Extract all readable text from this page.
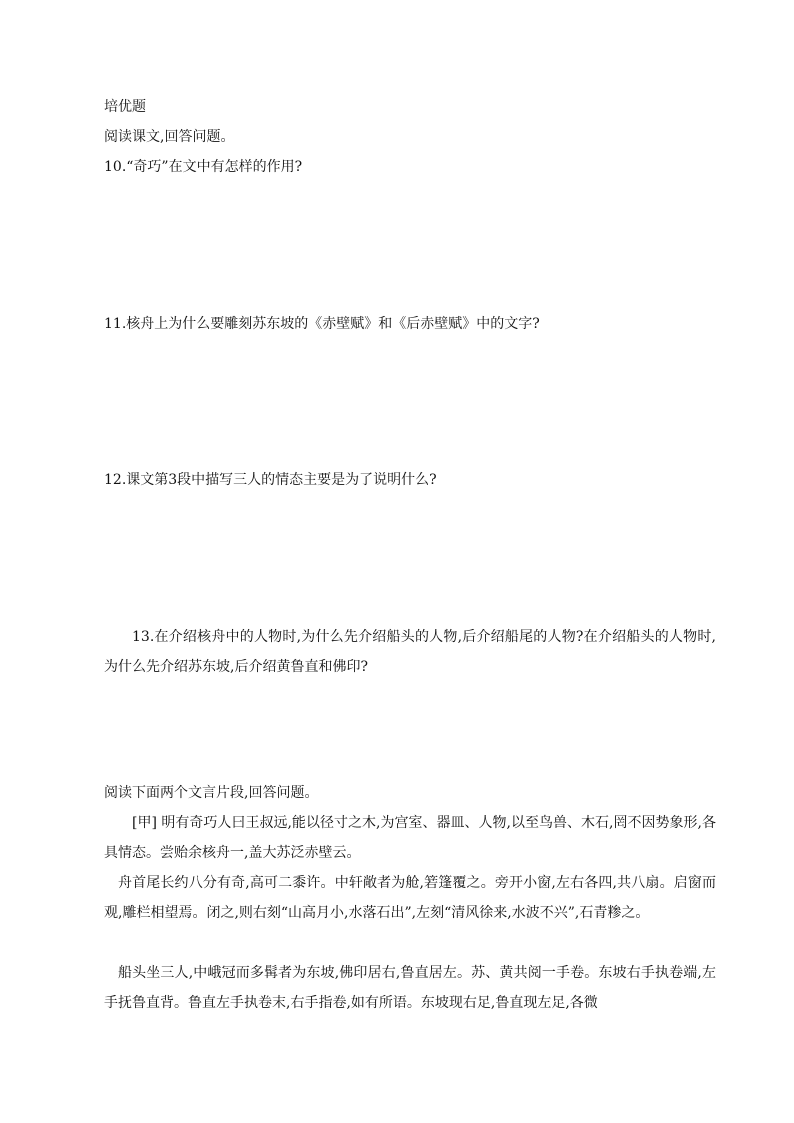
培优题
阅读课文,回答问题。
10.“奇巧”在文中有怎样的作用?
11.核舟上为什么要雕刻苏东坡的《赤壁赋》和《后赤壁赋》中的文字?
12.课文第3段中描写三人的情态主要是为了说明什么?
13.在介绍核舟中的人物时,为什么先介绍船头的人物,后介绍船尾的人物?在介绍船头的人物时,为什么先介绍苏东坡,后介绍黄鲁直和佛印?
阅读下面两个文言片段,回答问题。
[甲] 明有奇巧人曰王叔远,能以径寸之木,为宫室、器皿、人物,以至鸟兽、木石,罔不因势象形,各具情态。尝贻余核舟一,盖大苏泛赤壁云。
舟首尾长约八分有奇,高可二黍许。中轩敞者为舱,箬篷覆之。旁开小窗,左右各四,共八扇。启窗而观,雕栏相望焉。闭之,则右刻“山高月小,水落石出”,左刻“清风徐来,水波不兴”,石青糁之。
船头坐三人,中峨冠而多髯者为东坡,佛印居右,鲁直居左。苏、黄共阅一手卷。东坡右手执卷端,左手抚鲁直背。鲁直左手执卷末,右手指卷,如有所语。东坡现右足,鲁直现左足,各微
